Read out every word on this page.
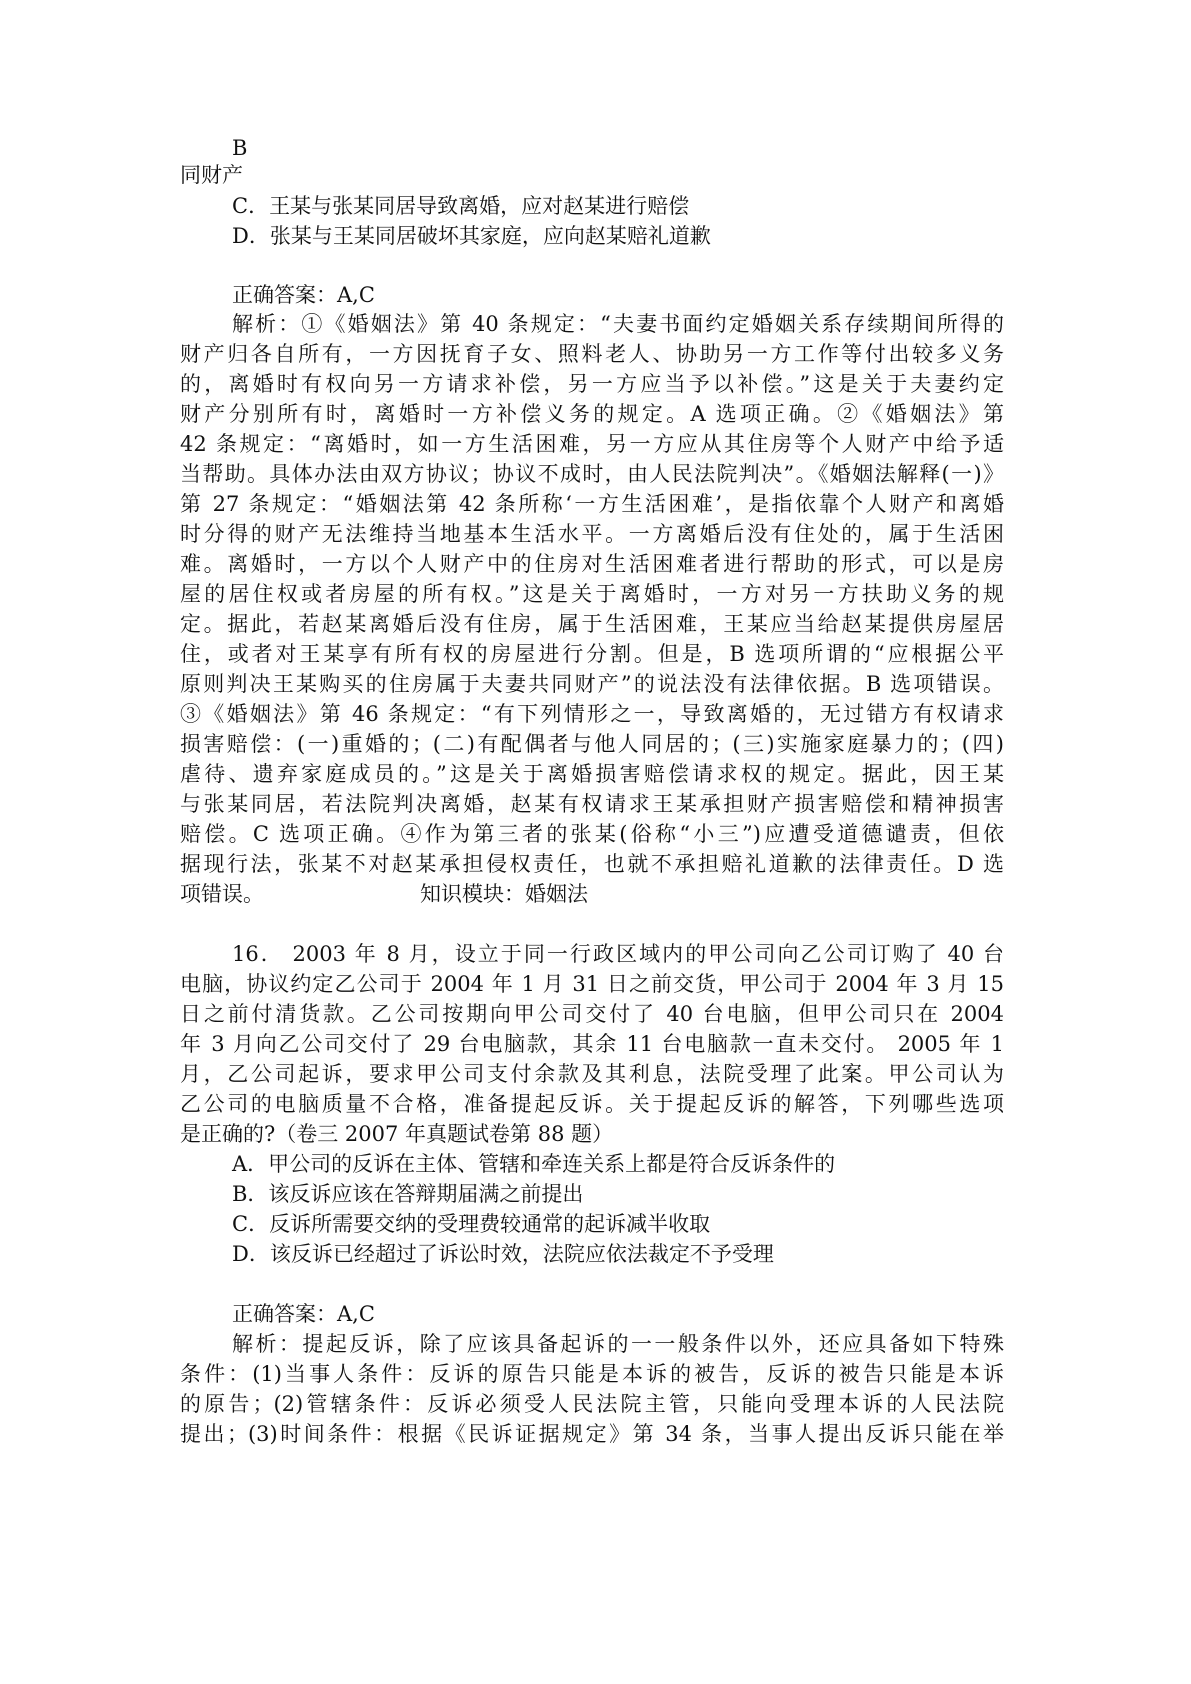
B
同财产
C．王某与张某同居导致离婚，应对赵某进行赔偿
D．张某与王某同居破坏其家庭，应向赵某赔礼道歉
正确答案：A,C
解析：①《婚姻法》第 40 条规定：“夫妻书面约定婚姻关系存续期间所得的
财产归各自所有，一方因抚育子女、照料老人、协助另一方工作等付出较多义务
的，离婚时有权向另一方请求补偿，另一方应当予以补偿。”这是关于夫妻约定
财产分别所有时，离婚时一方补偿义务的规定。A 选项正确。②《婚姻法》第
42 条规定：“离婚时，如一方生活困难，另一方应从其住房等个人财产中给予适
当帮助。具体办法由双方协议；协议不成时，由人民法院判决”。《婚姻法解释(一)》
第 27 条规定：“婚姻法第 42 条所称‘一方生活困难’，是指依靠个人财产和离婚
时分得的财产无法维持当地基本生活水平。一方离婚后没有住处的，属于生活困
难。离婚时，一方以个人财产中的住房对生活困难者进行帮助的形式，可以是房
屋的居住权或者房屋的所有权。”这是关于离婚时，一方对另一方扶助义务的规
定。据此，若赵某离婚后没有住房，属于生活困难，王某应当给赵某提供房屋居
住，或者对王某享有所有权的房屋进行分割。但是，B 选项所谓的“应根据公平
原则判决王某购买的住房属于夫妻共同财产”的说法没有法律依据。B 选项错误。
③《婚姻法》第 46 条规定：“有下列情形之一，导致离婚的，无过错方有权请求
损害赔偿：(一)重婚的；(二)有配偶者与他人同居的；(三)实施家庭暴力的；(四)
虐待、遗弃家庭成员的。”这是关于离婚损害赔偿请求权的规定。据此，因王某
与张某同居，若法院判决离婚，赵某有权请求王某承担财产损害赔偿和精神损害
赔偿。C 选项正确。④作为第三者的张某(俗称“小三”)应遭受道德谴责，但依
据现行法，张某不对赵某承担侵权责任，也就不承担赔礼道歉的法律责任。D 选
项错误。	知识模块：婚姻法
16． 2003 年 8 月，设立于同一行政区域内的甲公司向乙公司订购了 40 台
电脑，协议约定乙公司于 2004 年 1 月 31 日之前交货，甲公司于 2004 年 3 月 15
日之前付清货款。乙公司按期向甲公司交付了 40 台电脑，但甲公司只在 2004
年 3 月向乙公司交付了 29 台电脑款，其余 11 台电脑款一直未交付。 2005 年 1
月，乙公司起诉，要求甲公司支付余款及其利息，法院受理了此案。甲公司认为
乙公司的电脑质量不合格，准备提起反诉。关于提起反诉的解答，下列哪些选项
是正确的?（卷三 2007 年真题试卷第 88 题）
A．甲公司的反诉在主体、管辖和牵连关系上都是符合反诉条件的
B．该反诉应该在答辩期届满之前提出
C．反诉所需要交纳的受理费较通常的起诉减半收取
D．该反诉已经超过了诉讼时效，法院应依法裁定不予受理
正确答案：A,C
解析：提起反诉，除了应该具备起诉的一一般条件以外，还应具备如下特殊
条件：(1)当事人条件：反诉的原告只能是本诉的被告，反诉的被告只能是本诉
的原告；(2)管辖条件：反诉必须受人民法院主管，只能向受理本诉的人民法院
提出；(3)时间条件：根据《民诉证据规定》第 34 条，当事人提出反诉只能在举
